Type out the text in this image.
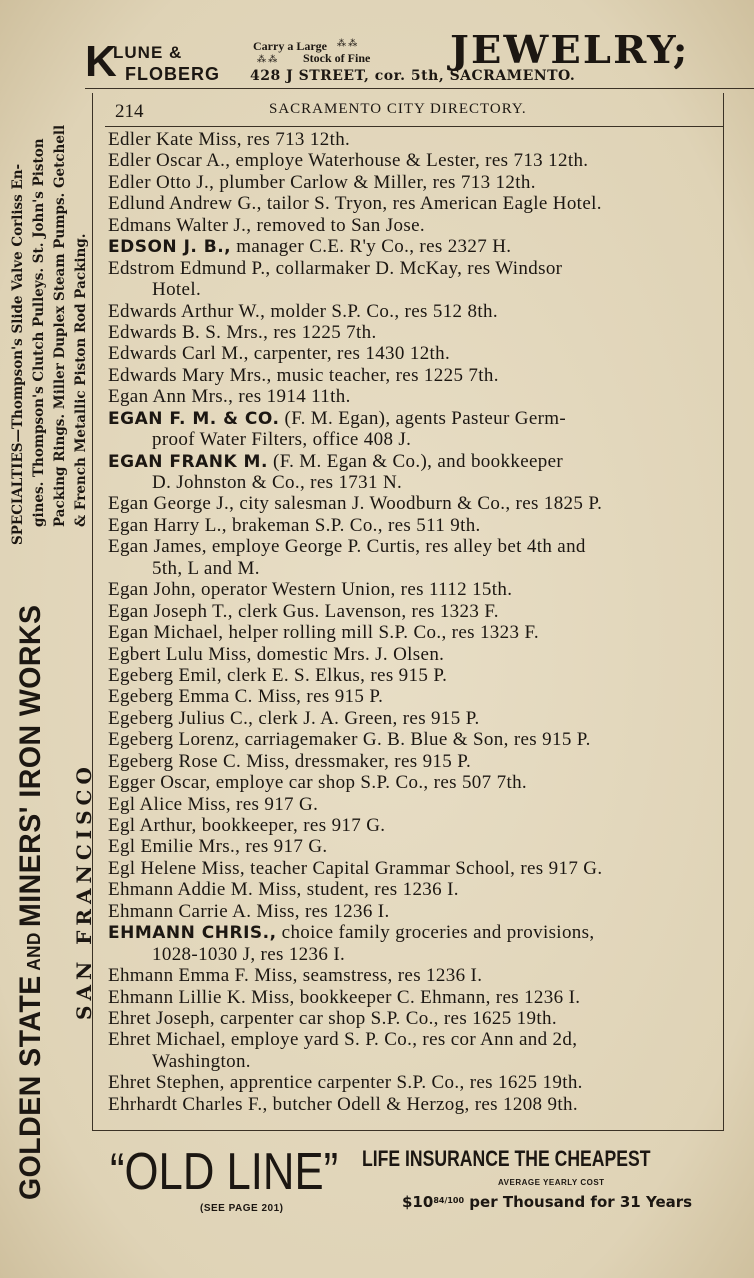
K
LUNE &
FLOBERG
Carry a Large ⁂ ⁂
⁂ ⁂ Stock of Fine JEWELRY;
428 J STREET, cor. 5th, SACRAMENTO.
214	SACRAMENTO CITY DIRECTORY.
Edler Kate Miss, res 713 12th.
Edler Oscar A., employe Waterhouse & Lester, res 713 12th.
Edler Otto J., plumber Carlow & Miller, res 713 12th.
Edlund Andrew G., tailor S. Tryon, res American Eagle Hotel.
Edmans Walter J., removed to San Jose.
EDSON J. B., manager C.E. R'y Co., res 2327 H.
Edstrom Edmund P., collarmaker D. McKay, res Windsor
Hotel.
Edwards Arthur W., molder S.P. Co., res 512 8th.
Edwards B. S. Mrs., res 1225 7th.
Edwards Carl M., carpenter, res 1430 12th.
Edwards Mary Mrs., music teacher, res 1225 7th.
Egan Ann Mrs., res 1914 11th.
EGAN F. M. & CO. (F. M. Egan), agents Pasteur Germ-
proof Water Filters, office 408 J.
EGAN FRANK M. (F. M. Egan & Co.), and bookkeeper
D. Johnston & Co., res 1731 N.
Egan George J., city salesman J. Woodburn & Co., res 1825 P.
Egan Harry L., brakeman S.P. Co., res 511 9th.
Egan James, employe George P. Curtis, res alley bet 4th and
5th, L and M.
Egan John, operator Western Union, res 1112 15th.
Egan Joseph T., clerk Gus. Lavenson, res 1323 F.
Egan Michael, helper rolling mill S.P. Co., res 1323 F.
Egbert Lulu Miss, domestic Mrs. J. Olsen.
Egeberg Emil, clerk E. S. Elkus, res 915 P.
Egeberg Emma C. Miss, res 915 P.
Egeberg Julius C., clerk J. A. Green, res 915 P.
Egeberg Lorenz, carriagemaker G. B. Blue & Son, res 915 P.
Egeberg Rose C. Miss, dressmaker, res 915 P.
Egger Oscar, employe car shop S.P. Co., res 507 7th.
Egl Alice Miss, res 917 G.
Egl Arthur, bookkeeper, res 917 G.
Egl Emilie Mrs., res 917 G.
Egl Helene Miss, teacher Capital Grammar School, res 917 G.
Ehmann Addie M. Miss, student, res 1236 I.
Ehmann Carrie A. Miss, res 1236 I.
EHMANN CHRIS., choice family groceries and provisions,
1028-1030 J, res 1236 I.
Ehmann Emma F. Miss, seamstress, res 1236 I.
Ehmann Lillie K. Miss, bookkeeper C. Ehmann, res 1236 I.
Ehret Joseph, carpenter car shop S.P. Co., res 1625 19th.
Ehret Michael, employe yard S. P. Co., res cor Ann and 2d,
Washington.
Ehret Stephen, apprentice carpenter S.P. Co., res 1625 19th.
Ehrhardt Charles F., butcher Odell & Herzog, res 1208 9th.
GOLDEN STATE AND MINERS' IRON WORKS SAN FRANCISCO
SPECIALTIES—Thompson's Slide Valve Corliss En- gines. Thompson's Clutch Pulleys. St. John's Piston Packing Rings. Miller Duplex Steam Pumps. Getchell & French Metallic Piston Rod Packing.
“OLD LINE”
(SEE PAGE 201)
LIFE INSURANCE THE CHEAPEST
AVERAGE YEARLY COST
$\$10^{84/100}$ per Thousand for 31 Years
